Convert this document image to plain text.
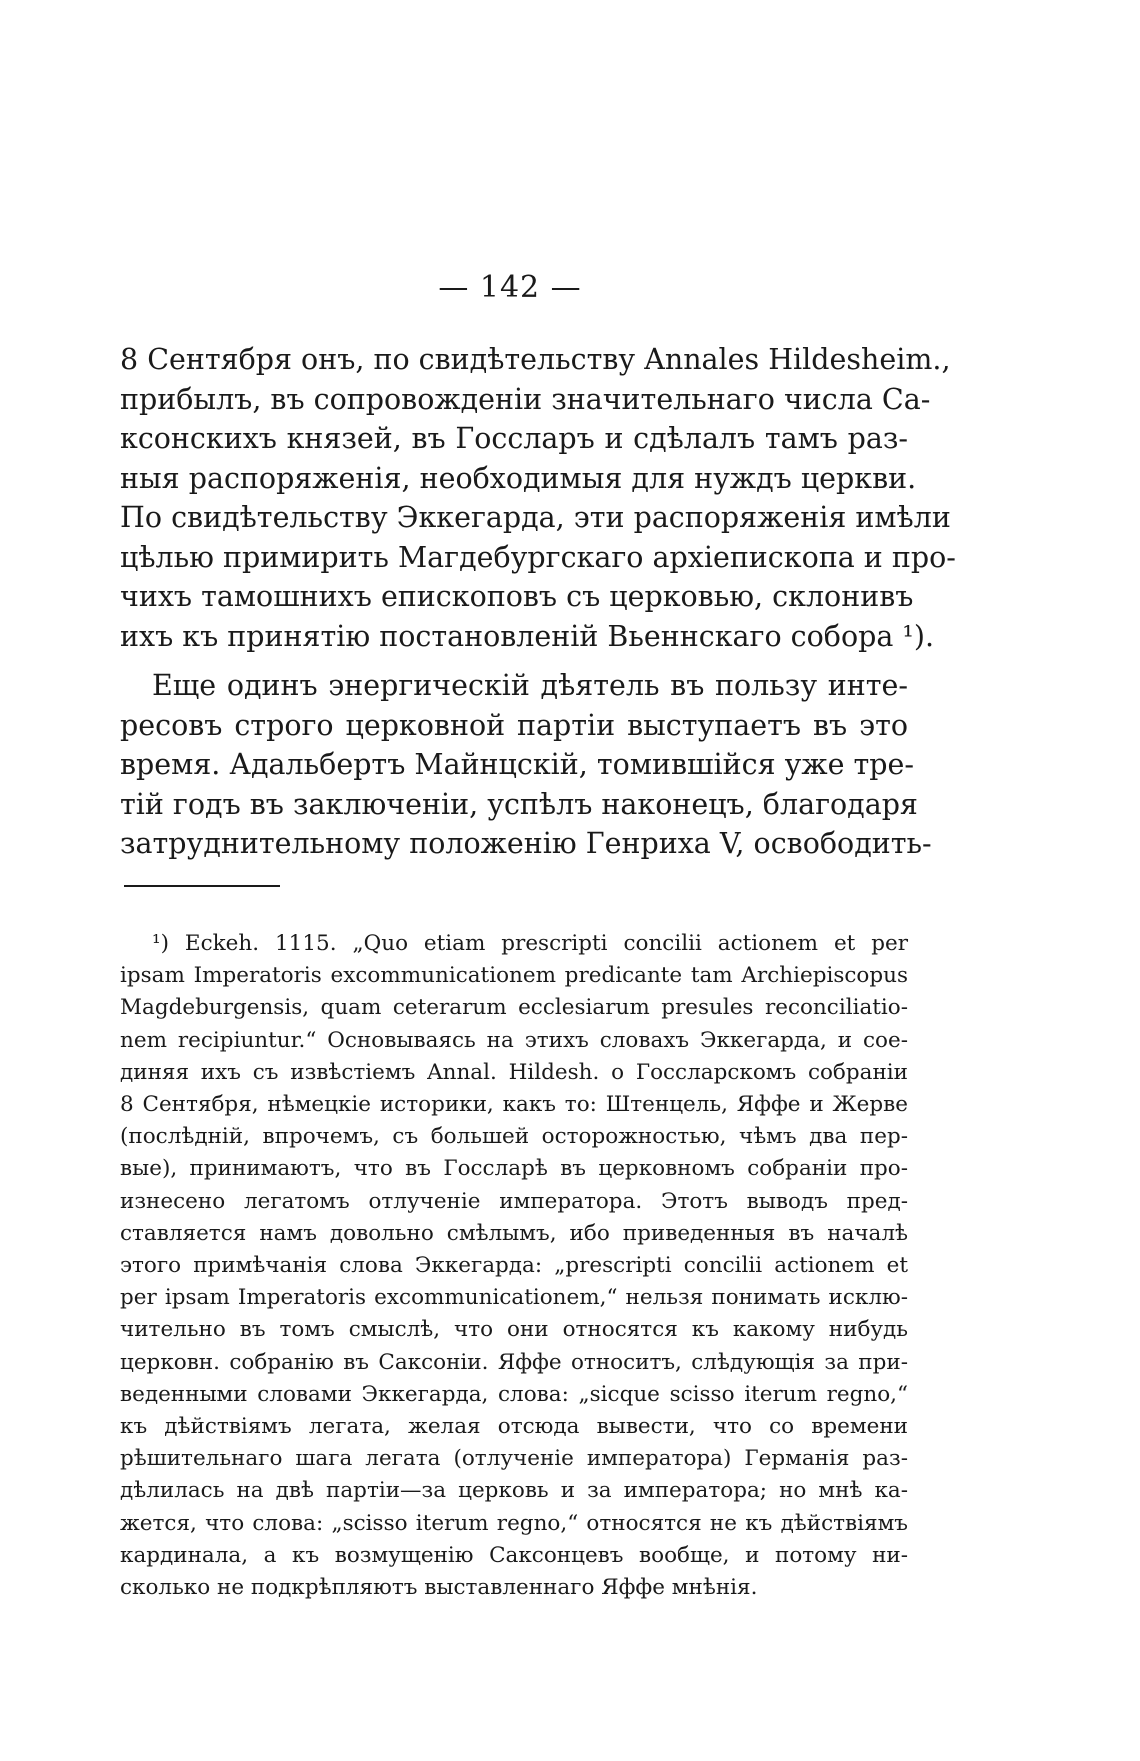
— 142 —
8 Сентября онъ, по свидѣтельству Annales Hildesheim.,
прибылъ, въ сопровожденіи значительнаго числа Са-
ксонскихъ князей, въ Госсларъ и сдѣлалъ тамъ раз-
ныя распоряженія, необходимыя для нуждъ церкви.
По свидѣтельству Эккегарда, эти распоряженія имѣли
цѣлью примирить Магдебургскаго архіепископа и про-
чихъ тамошнихъ епископовъ съ церковью, склонивъ
ихъ къ принятію постановленій Вьеннскаго собора ¹).
Еще одинъ энергическій дѣятель въ пользу инте-
ресовъ строго церковной партіи выступаетъ въ это
время. Адальбертъ Майнцскій, томившійся уже тре-
тій годъ въ заключеніи, успѣлъ наконецъ, благодаря
затруднительному положенію Генриха V, освободить-
¹) Eckeh. 1115. „Quo etiam prescripti concilii actionem et per
ipsam Imperatoris excommunicationem predicante tam Archiepiscopus
Magdeburgensis, quam ceterarum ecclesiarum presules reconciliatio-
nem recipiuntur.“ Основываясь на этихъ словахъ Эккегарда, и сое-
диняя ихъ съ извѣстіемъ Annal. Hildesh. о Госсларскомъ собраніи
8 Сентября, нѣмецкіе историки, какъ то: Штенцель, Яффе и Жерве
(послѣдній, впрочемъ, съ большей осторожностью, чѣмъ два пер-
вые), принимаютъ, что въ Госсларѣ въ церковномъ собраніи про-
изнесено легатомъ отлученіе императора. Этотъ выводъ пред-
ставляется намъ довольно смѣлымъ, ибо приведенныя въ началѣ
этого примѣчанія слова Эккегарда: „prescripti concilii actionem et
per ipsam Imperatoris excommunicationem,“ нельзя понимать исклю-
чительно въ томъ смыслѣ, что они относятся къ какому нибудь
церковн. собранію въ Саксоніи. Яффе относитъ, слѣдующія за при-
веденными словами Эккегарда, слова: „sicque scisso iterum regno,“
къ дѣйствіямъ легата, желая отсюда вывести, что со времени
рѣшительнаго шага легата (отлученіе императора) Германія раз-
дѣлилась на двѣ партіи—за церковь и за императора; но мнѣ ка-
жется, что слова: „scisso iterum regno,“ относятся не къ дѣйствіямъ
кардинала, а къ возмущенію Саксонцевъ вообще, и потому ни-
сколько не подкрѣпляютъ выставленнаго Яффе мнѣнія.
